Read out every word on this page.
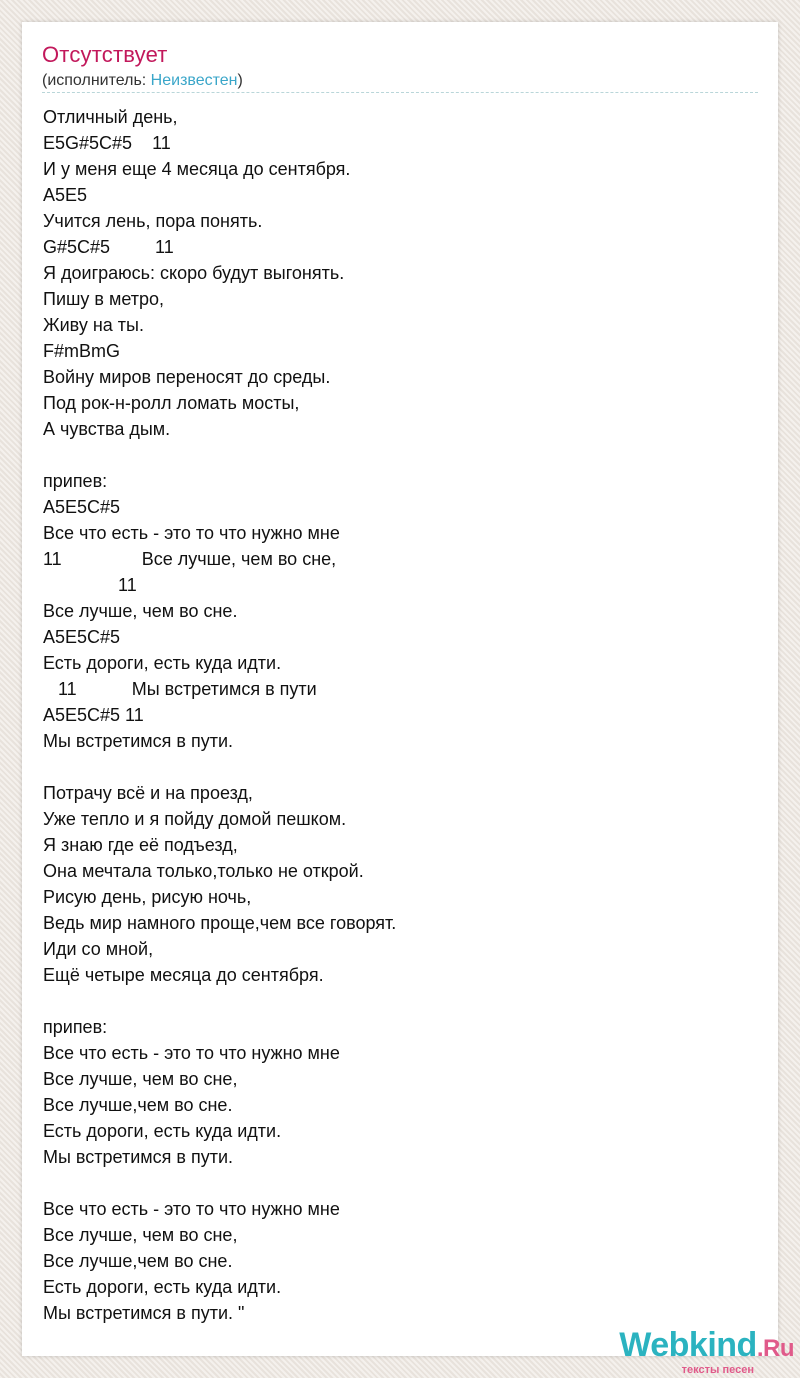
Отсутствует
(исполнитель: Неизвестен)
Отличный день,
E5G#5C#5    11
И у меня еще 4 месяца до сентября.
A5E5
Учится лень, пора понять.
G#5C#5         11
Я доиграюсь: скоро будут выгонять.
Пишу в метро,
Живу на ты.
F#mBmG
Войну миров переносят до среды.
Под рок-н-ролл ломать мосты,
А чувства дым.

припев:
A5E5C#5
Все что есть - это то что нужно мне
11                Все лучше, чем во сне,
11
Все лучше, чем во сне.
A5E5C#5
Есть дороги, есть куда идти.
11           Мы встретимся в пути
A5E5C#5 11
Мы встретимся в пути.

Потрачу всё и на проезд,
Уже тепло и я пойду домой пешком.
Я знаю где её подъезд,
Она мечтала только,только не открой.
Рисую день, рисую ночь,
Ведь мир намного проще,чем все говорят.
Иди со мной,
Ещё четыре месяца до сентября.

припев:
Все что есть - это то что нужно мне
Все лучше, чем во сне,
Все лучше,чем во сне.
Есть дороги, есть куда идти.
Мы встретимся в пути.

Все что есть - это то что нужно мне
Все лучше, чем во сне,
Все лучше,чем во сне.
Есть дороги, есть куда идти.
Мы встретимся в пути. "
Webkind.Ru
тексты песен
